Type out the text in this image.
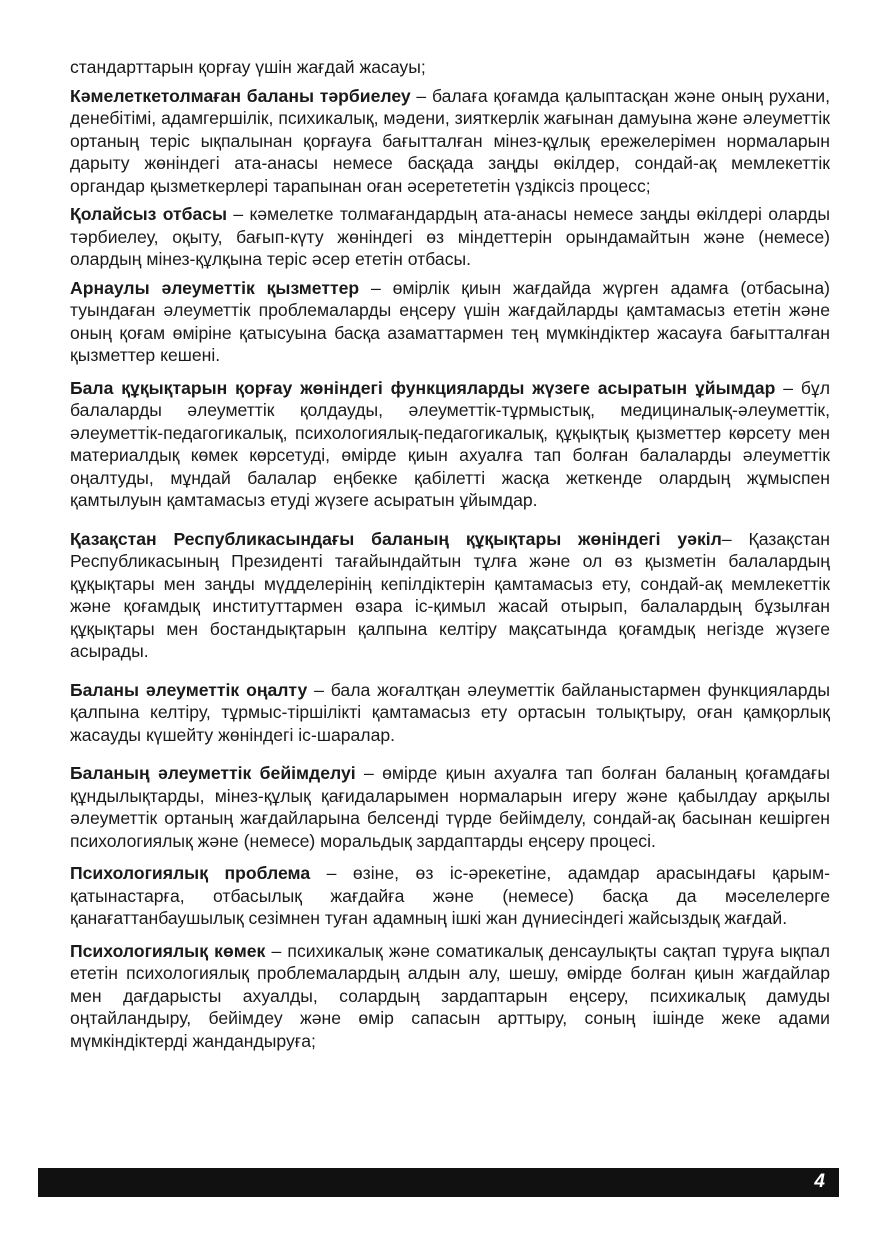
стандарттарын қорғау үшін жағдай жасауы;

Кәмелеткетолмаған баланы тәрбиелеу – балаға қоғамда қалыптасқан және оның рухани, денебітімі, адамгершілік, психикалық, мәдени, зияткерлік жағынан дамуына және әлеуметтік ортаның теріс ықпалынан қорғауға бағытталған мінез-құлық ережелерімен нормаларын дарыту жөніндегі ата-анасы немесе басқада заңды өкілдер, сондай-ақ мемлекеттік органдар қызметкерлері тарапынан оған әсеретететін үздіксіз процесс;

Қолайсыз отбасы – кәмелетке толмағандардың ата-анасы немесе заңды өкілдері оларды тәрбиелеу, оқыту, бағып-күту жөніндегі өз міндеттерін орындамайтын және (немесе) олардың мінез-құлқына теріс әсер ететін отбасы.

Арнаулы әлеуметтік қызметтер – өмірлік қиын жағдайда жүрген адамға (отбасына) туындаған әлеуметтік проблемаларды еңсеру үшін жағдайларды қамтамасыз ететін және оның қоғам өміріне қатысуына басқа азаматтармен тең мүмкіндіктер жасауға бағытталған қызметтер кешені.

Бала құқықтарын қорғау жөніндегі функцияларды жүзеге асыратын ұйымдар – бұл балаларды әлеуметтік қолдауды, әлеуметтік-тұрмыстық, медициналық-әлеуметтік, әлеуметтік-педагогикалық, психологиялық-педагогикалық, құқықтық қызметтер көрсету мен материалдық көмек көрсетуді, өмірде қиын ахуалға тап болған балаларды әлеуметтік оңалтуды, мұндай балалар еңбекке қабілетті жасқа жеткенде олардың жұмыспен қамтылуын қамтамасыз етуді жүзеге асыратын ұйымдар.

Қазақстан Республикасындағы баланың құқықтары жөніндегі уәкіл– Қазақстан Республикасының Президенті тағайындайтын тұлға және ол өз қызметін балалардың құқықтары мен заңды мүдделерінің кепілдіктерін қамтамасыз ету, сондай-ақ мемлекеттік және қоғамдық институттармен өзара іс-қимыл жасай отырып, балалардың бұзылған құқықтары мен бостандықтарын қалпына келтіру мақсатында қоғамдық негізде жүзеге асырады.

Баланы әлеуметтік оңалту – бала жоғалтқан әлеуметтік байланыстармен функцияларды қалпына келтіру, тұрмыс-тіршілікті қамтамасыз ету ортасын толықтыру, оған қамқорлық жасауды күшейту жөніндегі іс-шаралар.

Баланың әлеуметтік бейімделуі – өмірде қиын ахуалға тап болған баланың қоғамдағы құндылықтарды, мінез-құлық қағидаларымен нормаларын игеру және қабылдау арқылы әлеуметтік ортаның жағдайларына белсенді түрде бейімделу, сондай-ақ басынан кешірген психологиялық және (немесе) моральдық зардаптарды еңсеру процесі.

Психологиялық проблема – өзіне, өз іс-әрекетіне, адамдар арасындағы қарым-қатынастарға, отбасылық жағдайға және (немесе) басқа да мәселелерге қанағаттанбаушылық сезімнен туған адамның ішкі жан дүниесіндегі жайсыздық жағдай.

Психологиялық көмек – психикалық және соматикалық денсаулықты сақтап тұруға ықпал ететін психологиялық проблемалардың алдын алу, шешу, өмірде болған қиын жағдайлар мен дағдарысты ахуалды, солардың зардаптарын еңсеру, психикалық дамуды оңтайландыру, бейімдеу және өмір сапасын арттыру, соның ішінде жеке адами мүмкіндіктерді жандандыруға;

4
